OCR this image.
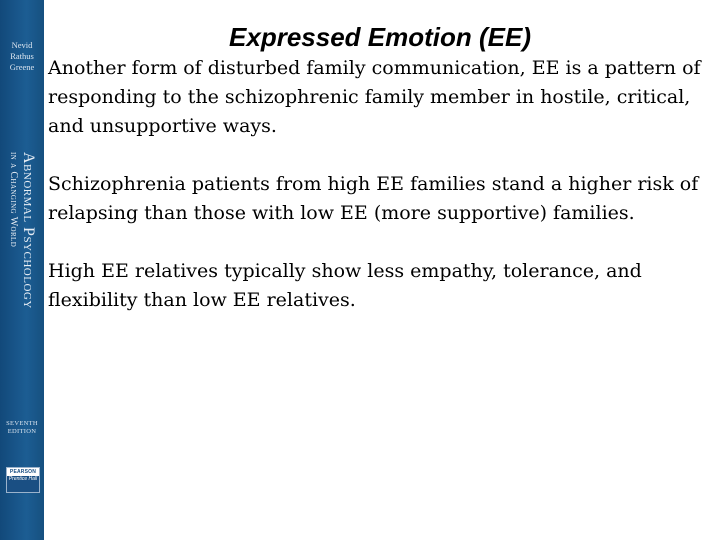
Nevid
Rathus
Greene
Abnormal Psychology
in a Changing World
SEVENTH
EDITION
PEARSON
Prentice Hall
Expressed Emotion (EE)

Another form of disturbed family communication, EE is a pattern of responding to the schizophrenic family member in hostile, critical, and unsupportive ways.

Schizophrenia patients from high EE families stand a higher risk of relapsing than those with low EE (more supportive) families.

High EE relatives typically show less empathy, tolerance, and flexibility than low EE relatives.
